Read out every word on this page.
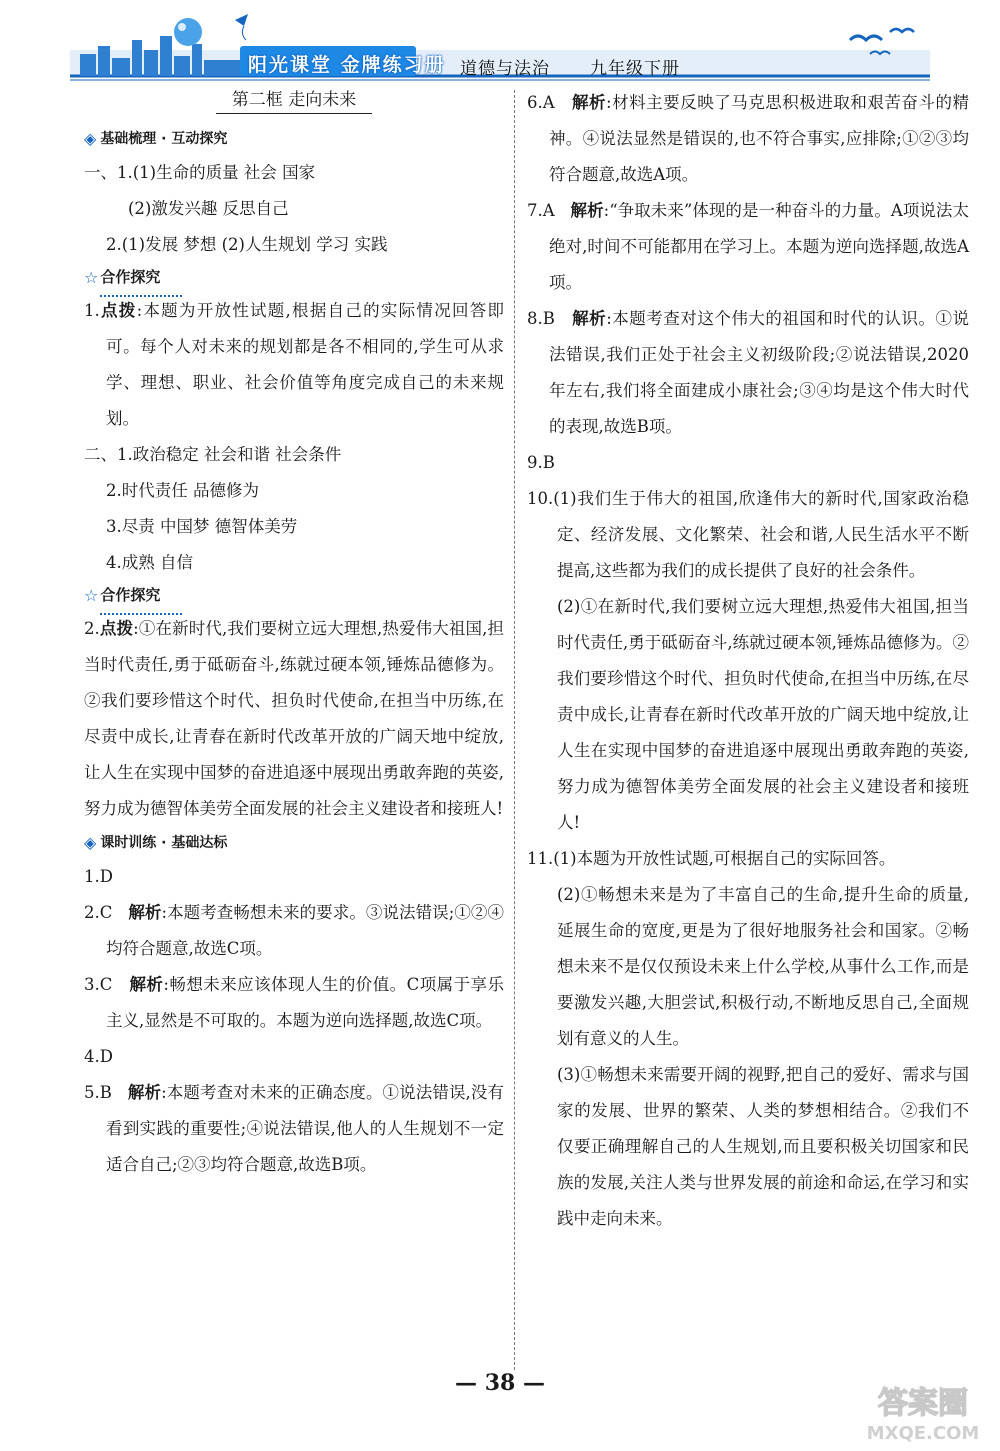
阳光课堂 金牌练习册 道德与法治 九年级下册
第二框 走向未来
◈ 基础梳理 · 互动探究
一、1.(1)生命的质量 社会 国家
(2)激发兴趣 反思自己
2.(1)发展 梦想 (2)人生规划 学习 实践
☆ 合作探究
1.点拨:本题为开放性试题,根据自己的实际情况回答即可。每个人对未来的规划都是各不相同的,学生可从求学、理想、职业、社会价值等角度完成自己的未来规划。
二、1.政治稳定 社会和谐 社会条件
2.时代责任 品德修为
3.尽责 中国梦 德智体美劳
4.成熟 自信
☆ 合作探究
2.点拨:①在新时代,我们要树立远大理想,热爱伟大祖国,担当时代责任,勇于砥砺奋斗,练就过硬本领,锤炼品德修为。②我们要珍惜这个时代、担负时代使命,在担当中历练,在尽责中成长,让青春在新时代改革开放的广阔天地中绽放,让人生在实现中国梦的奋进追逐中展现出勇敢奔跑的英姿,努力成为德智体美劳全面发展的社会主义建设者和接班人!
◈ 课时训练 · 基础达标
1.D
2.C 解析:本题考查畅想未来的要求。③说法错误;①②④均符合题意,故选C项。
3.C 解析:畅想未来应该体现人生的价值。C项属于享乐主义,显然是不可取的。本题为逆向选择题,故选C项。
4.D
5.B 解析:本题考查对未来的正确态度。①说法错误,没有看到实践的重要性;④说法错误,他人的人生规划不一定适合自己;②③均符合题意,故选B项。
6.A 解析:材料主要反映了马克思积极进取和艰苦奋斗的精神。④说法显然是错误的,也不符合事实,应排除;①②③均符合题意,故选A项。
7.A 解析:“争取未来”体现的是一种奋斗的力量。A项说法太绝对,时间不可能都用在学习上。本题为逆向选择题,故选A项。
8.B 解析:本题考查对这个伟大的祖国和时代的认识。①说法错误,我们正处于社会主义初级阶段;②说法错误,2020年左右,我们将全面建成小康社会;③④均是这个伟大时代的表现,故选B项。
9.B
10.(1)我们生于伟大的祖国,欣逢伟大的新时代,国家政治稳定、经济发展、文化繁荣、社会和谐,人民生活水平不断提高,这些都为我们的成长提供了良好的社会条件。
(2)①在新时代,我们要树立远大理想,热爱伟大祖国,担当时代责任,勇于砥砺奋斗,练就过硬本领,锤炼品德修为。②我们要珍惜这个时代、担负时代使命,在担当中历练,在尽责中成长,让青春在新时代改革开放的广阔天地中绽放,让人生在实现中国梦的奋进追逐中展现出勇敢奔跑的英姿,努力成为德智体美劳全面发展的社会主义建设者和接班人!
11.(1)本题为开放性试题,可根据自己的实际回答。
(2)①畅想未来是为了丰富自己的生命,提升生命的质量,延展生命的宽度,更是为了很好地服务社会和国家。②畅想未来不是仅仅预设未来上什么学校,从事什么工作,而是要激发兴趣,大胆尝试,积极行动,不断地反思自己,全面规划有意义的人生。
(3)①畅想未来需要开阔的视野,把自己的爱好、需求与国家的发展、世界的繁荣、人类的梦想相结合。②我们不仅要正确理解自己的人生规划,而且要积极关切国家和民族的发展,关注人类与世界发展的前途和命运,在学习和实践中走向未来。
— 38 —
答案圈
MXQE.COM
